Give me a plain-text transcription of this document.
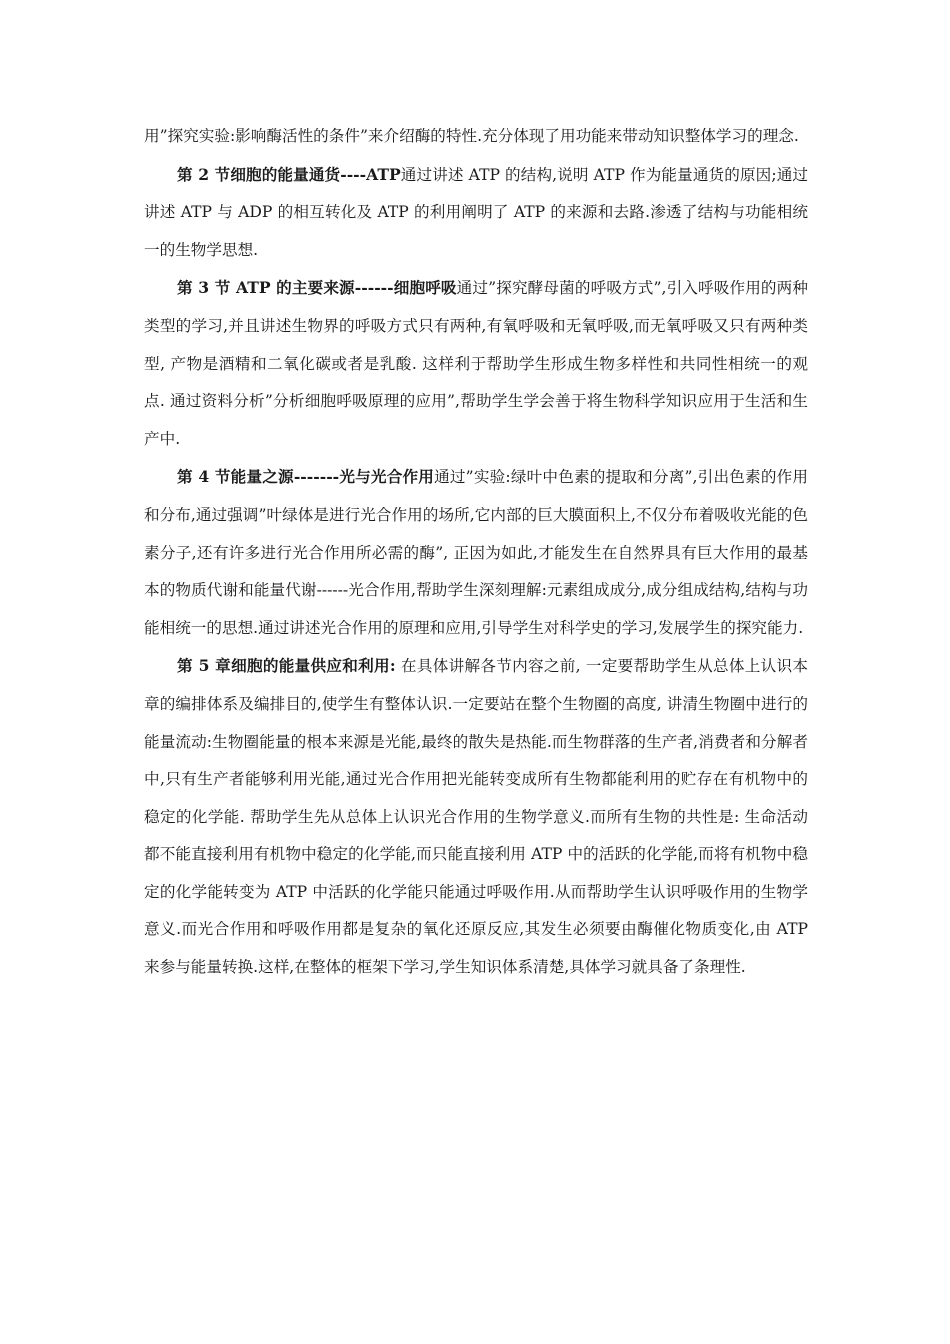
用”探究实验:影响酶活性的条件”来介绍酶的特性.充分体现了用功能来带动知识整体学习的理念.

第 2 节细胞的能量通货----ATP通过讲述 ATP 的结构,说明 ATP 作为能量通货的原因;通过讲述 ATP 与 ADP 的相互转化及 ATP 的利用阐明了 ATP 的来源和去路.渗透了结构与功能相统一的生物学思想.

第 3 节 ATP 的主要来源------细胞呼吸通过”探究酵母菌的呼吸方式”,引入呼吸作用的两种类型的学习,并且讲述生物界的呼吸方式只有两种,有氧呼吸和无氧呼吸,而无氧呼吸又只有两种类型, 产物是酒精和二氧化碳或者是乳酸. 这样利于帮助学生形成生物多样性和共同性相统一的观点. 通过资料分析”分析细胞呼吸原理的应用”,帮助学生学会善于将生物科学知识应用于生活和生产中.

第 4 节能量之源-------光与光合作用通过”实验:绿叶中色素的提取和分离”,引出色素的作用和分布,通过强调”叶绿体是进行光合作用的场所,它内部的巨大膜面积上,不仅分布着吸收光能的色素分子,还有许多进行光合作用所必需的酶”, 正因为如此,才能发生在自然界具有巨大作用的最基本的物质代谢和能量代谢------光合作用,帮助学生深刻理解:元素组成成分,成分组成结构,结构与功能相统一的思想.通过讲述光合作用的原理和应用,引导学生对科学史的学习,发展学生的探究能力.

第 5 章细胞的能量供应和利用: 在具体讲解各节内容之前, 一定要帮助学生从总体上认识本章的编排体系及编排目的,使学生有整体认识.一定要站在整个生物圈的高度, 讲清生物圈中进行的能量流动:生物圈能量的根本来源是光能,最终的散失是热能.而生物群落的生产者,消费者和分解者中,只有生产者能够利用光能,通过光合作用把光能转变成所有生物都能利用的贮存在有机物中的稳定的化学能. 帮助学生先从总体上认识光合作用的生物学意义.而所有生物的共性是: 生命活动都不能直接利用有机物中稳定的化学能,而只能直接利用 ATP 中的活跃的化学能,而将有机物中稳定的化学能转变为 ATP 中活跃的化学能只能通过呼吸作用.从而帮助学生认识呼吸作用的生物学意义.而光合作用和呼吸作用都是复杂的氧化还原反应,其发生必须要由酶催化物质变化,由 ATP 来参与能量转换.这样,在整体的框架下学习,学生知识体系清楚,具体学习就具备了条理性.
